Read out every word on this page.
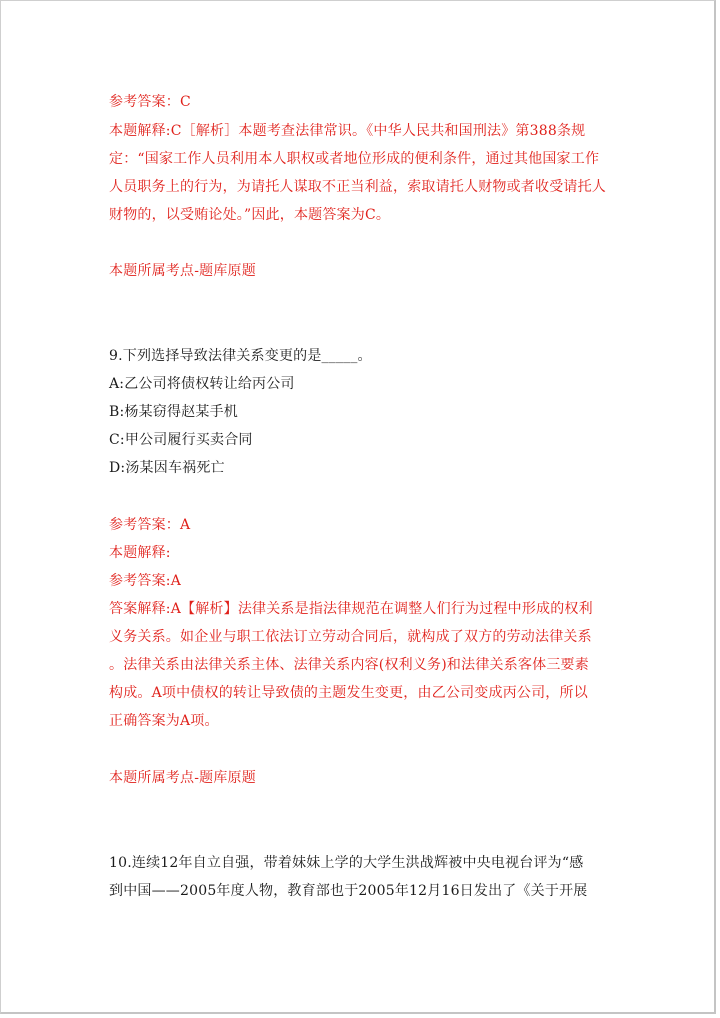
参考答案：C
本题解释:C［解析］本题考查法律常识。《中华人民共和国刑法》第388条规
定：“国家工作人员利用本人职权或者地位形成的便利条件，通过其他国家工作
人员职务上的行为，为请托人谋取不正当利益，索取请托人财物或者收受请托人
财物的，以受贿论处。”因此，本题答案为C。
本题所属考点-题库原题
9.下列选择导致法律关系变更的是_____。
A:乙公司将债权转让给丙公司
B:杨某窃得赵某手机
C:甲公司履行买卖合同
D:汤某因车祸死亡
参考答案：A
本题解释:
参考答案:A
答案解释:A【解析】法律关系是指法律规范在调整人们行为过程中形成的权利
义务关系。如企业与职工依法订立劳动合同后，就构成了双方的劳动法律关系
。法律关系由法律关系主体、法律关系内容(权利义务)和法律关系客体三要素
构成。A项中债权的转让导致债的主题发生变更，由乙公司变成丙公司，所以
正确答案为A项。
本题所属考点-题库原题
10.连续12年自立自强，带着妹妹上学的大学生洪战辉被中央电视台评为“感
到中国——2005年度人物，教育部也于2005年12月16日发出了《关于开展
